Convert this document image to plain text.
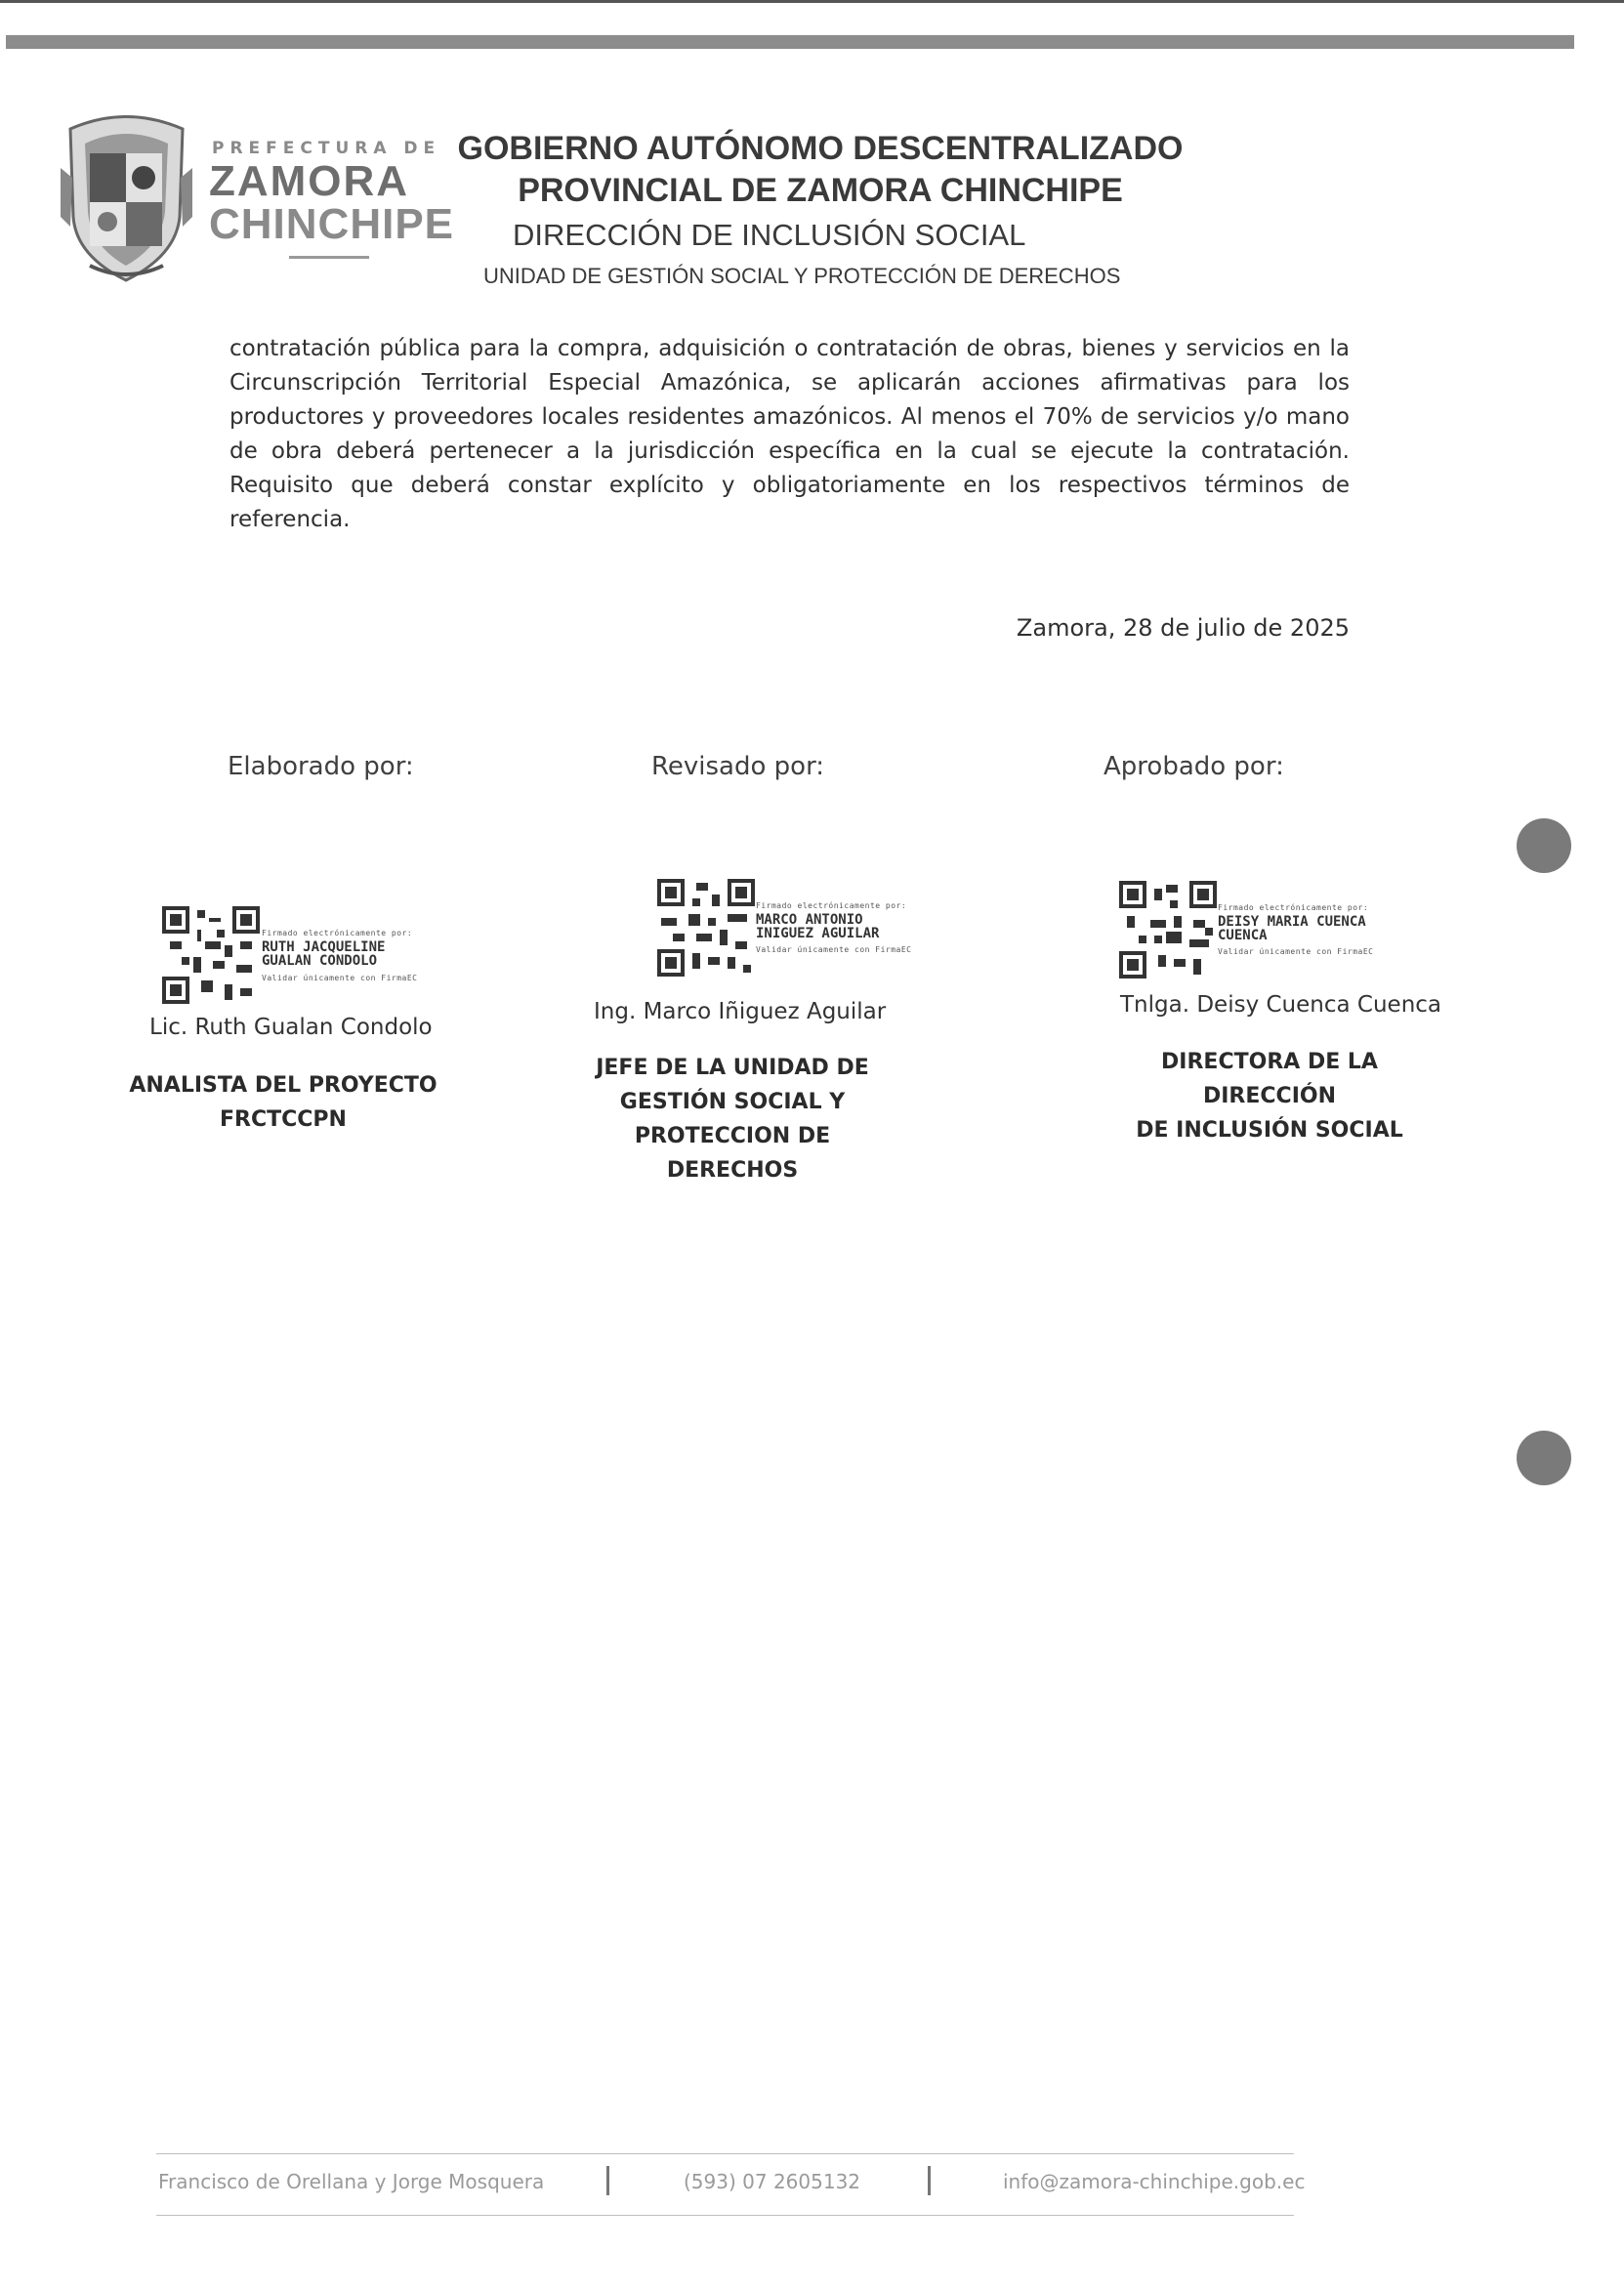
PREFECTURA DE
ZAMORA
CHINCHIPE
GOBIERNO AUTÓNOMO DESCENTRALIZADO
PROVINCIAL DE ZAMORA CHINCHIPE
DIRECCIÓN DE INCLUSIÓN SOCIAL
UNIDAD DE GESTIÓN SOCIAL Y PROTECCIÓN DE DERECHOS
contratación pública para la compra, adquisición o contratación de obras, bienes y servicios en la Circunscripción Territorial Especial Amazónica, se aplicarán acciones afirmativas para los productores y proveedores locales residentes amazónicos. Al menos el 70% de servicios y/o mano de obra deberá pertenecer a la jurisdicción específica en la cual se ejecute la contratación. Requisito que deberá constar explícito y obligatoriamente en los respectivos términos de referencia.
Zamora, 28 de julio de 2025
Elaborado por:
Firmado electrónicamente por:
RUTH JACQUELINE
GUALAN CONDOLO
Validar únicamente con FirmaEC
Lic. Ruth Gualan Condolo
ANALISTA DEL PROYECTO
FRCTCCPN
Revisado por:
Firmado electrónicamente por:
MARCO ANTONIO
INIGUEZ AGUILAR
Validar únicamente con FirmaEC
Ing. Marco Iñiguez Aguilar
JEFE DE LA UNIDAD DE
GESTIÓN SOCIAL Y
PROTECCION DE DERECHOS
Aprobado por:
Firmado electrónicamente por:
DEISY MARIA CUENCA
CUENCA
Validar únicamente con FirmaEC
Tnlga. Deisy Cuenca Cuenca
DIRECTORA DE LA DIRECCIÓN
DE INCLUSIÓN SOCIAL
Francisco de Orellana y Jorge Mosquera	(593) 07 2605132	info@zamora-chinchipe.gob.ec
